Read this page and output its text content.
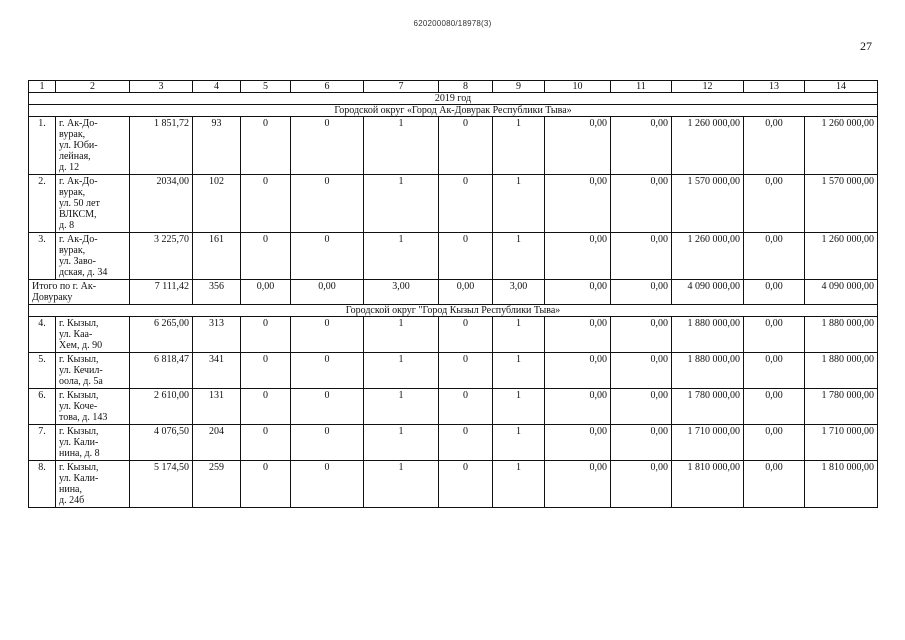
620200080/18978(3)
27
1	2	3	4	5	6	7	8	9	10	11	12	13	14
2019 год													
Городской округ «Город Ак-Довурак Республики Тыва»													
1.	г. Ак-До-
вурак,
ул. Юби-
лейная,
д. 12	1 851,72	93	0	0	1	0	1	0,00	0,00	1 260 000,00	0,00	1 260 000,00
2.	г. Ак-До-
вурак,
ул. 50 лет
ВЛКСМ,
д. 8	2034,00	102	0	0	1	0	1	0,00	0,00	1 570 000,00	0,00	1 570 000,00
3.	г. Ак-До-
вурак,
ул. Заво-
дская, д. 34	3 225,70	161	0	0	1	0	1	0,00	0,00	1 260 000,00	0,00	1 260 000,00

Итого по г. Ак-
Довураку		7 111,42	356	0,00	0,00	3,00	0,00	3,00	0,00	0,00	4 090 000,00	0,00	4 090 000,00
Городской округ "Город Кызыл Республики Тыва»													
4.	г. Кызыл,
ул. Каа-
Хем, д. 90	6 265,00	313	0	0	1	0	1	0,00	0,00	1 880 000,00	0,00	1 880 000,00
5.	г. Кызыл,
ул. Кечил-
оола, д. 5а	6 818,47	341	0	0	1	0	1	0,00	0,00	1 880 000,00	0,00	1 880 000,00
6.	г. Кызыл,
ул. Коче-
това, д. 143	2 610,00	131	0	0	1	0	1	0,00	0,00	1 780 000,00	0,00	1 780 000,00
7.	г. Кызыл,
ул. Кали-
нина, д. 8	4 076,50	204	0	0	1	0	1	0,00	0,00	1 710 000,00	0,00	1 710 000,00
8.	г. Кызыл,
ул. Кали-
нина,
д. 24б	5 174,50	259	0	0	1	0	1	0,00	0,00	1 810 000,00	0,00	1 810 000,00
